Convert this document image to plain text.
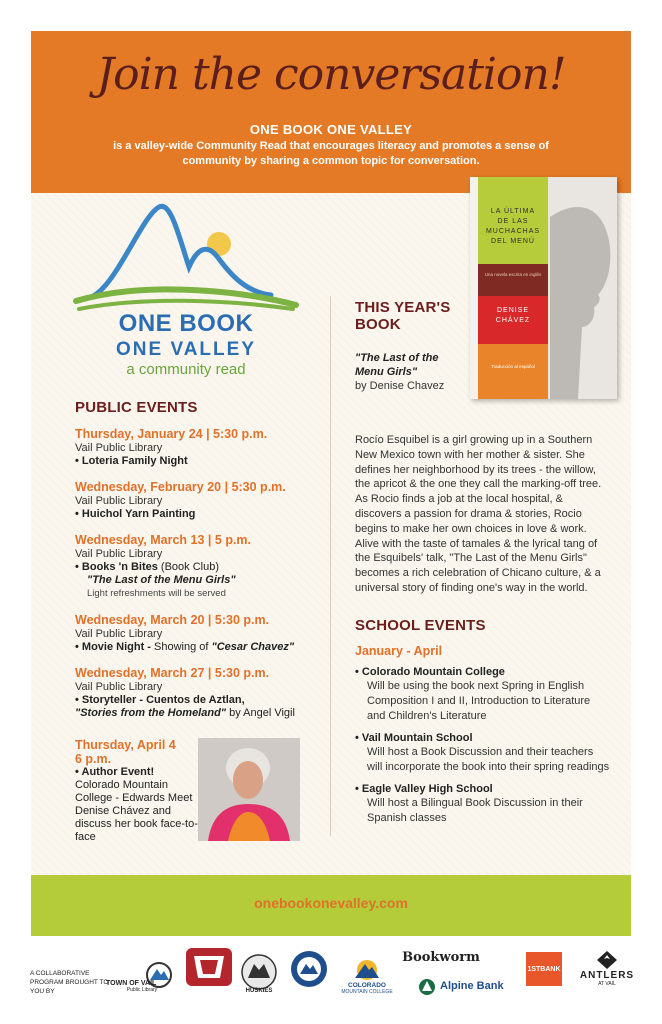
Join the conversation!
ONE BOOK ONE VALLEY
is a valley-wide Community Read that encourages literacy and promotes a sense of community by sharing a common topic for conversation.
ONE BOOK
ONE VALLEY
a community read
LA ÚLTIMA
DE LAS
MUCHACHAS
DEL MENÚ
Una novela escrita en inglés
DENISE
CHÁVEZ
Traducción al español
PUBLIC EVENTS
Thursday, January 24 | 5:30 p.m.
Vail Public Library
• Loteria Family Night
Wednesday, February 20 | 5:30 p.m.
Vail Public Library
• Huichol Yarn Painting
Wednesday, March 13 | 5 p.m.
Vail Public Library
• Books 'n Bites (Book Club)
"The Last of the Menu Girls"
Light refreshments will be served
Wednesday, March 20 | 5:30 p.m.
Vail Public Library
• Movie Night - Showing of "Cesar Chavez"
Wednesday, March 27 | 5:30 p.m.
Vail Public Library
• Storyteller - Cuentos de Aztlan,
"Stories from the Homeland" by Angel Vigil
Thursday, April 4
6 p.m.
• Author Event!
Colorado Mountain College - Edwards Meet Denise Chávez and discuss her book face-to-face
THIS YEAR'S
BOOK
"The Last of the
Menu Girls"
by Denise Chavez
Rocío Esquibel is a girl growing up in a Southern New Mexico town with her mother & sister. She defines her neighborhood by its trees - the willow, the apricot & the one they call the marking-off tree. As Rocio finds a job at the local hospital, & discovers a passion for drama & stories, Rocio begins to make her own choices in love & work. Alive with the taste of tamales & the lyrical tang of the Esquibels' talk, "The Last of the Menu Girls" becomes a rich celebration of Chicano culture, & a universal story of finding one's way in the world.
SCHOOL EVENTS
January - April
• Colorado Mountain College
Will be using the book next Spring in English Composition I and II, Introduction to Literature and Children's Literature
• Vail Mountain School
Will host a Book Discussion and their teachers will incorporate the book into their spring readings
• Eagle Valley High School
Will host a Bilingual Book Discussion in their Spanish classes
onebookonevalley.com
A COLLABORATIVE PROGRAM BROUGHT TO YOU BY
TOWN OF VAIL
Public Library	HUSKIES
COLORADO
MOUNTAIN COLLEGE
Bookworm
Alpine Bank
1STBANK
ANTLERS
AT VAIL
